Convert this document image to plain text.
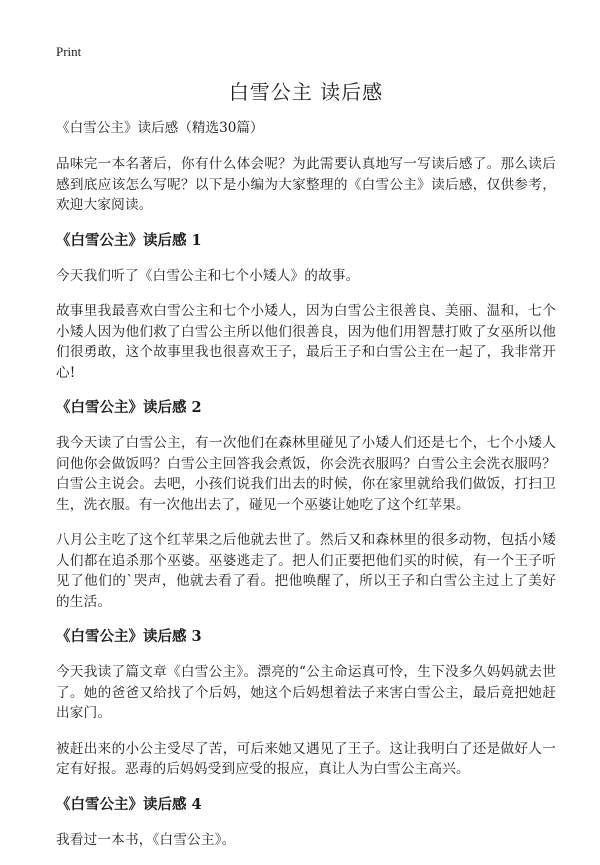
Print
白雪公主 读后感
《白雪公主》读后感（精选30篇）

品味完一本名著后，你有什么体会呢？为此需要认真地写一写读后感了。那么读后感到底应该怎么写呢？以下是小编为大家整理的《白雪公主》读后感，仅供参考，欢迎大家阅读。

《白雪公主》读后感 1

今天我们听了《白雪公主和七个小矮人》的故事。

故事里我最喜欢白雪公主和七个小矮人，因为白雪公主很善良、美丽、温和，七个小矮人因为他们救了白雪公主所以他们很善良，因为他们用智慧打败了女巫所以他们很勇敢，这个故事里我也很喜欢王子，最后王子和白雪公主在一起了，我非常开心!

《白雪公主》读后感 2

我今天读了白雪公主，有一次他们在森林里碰见了小矮人们还是七个，七个小矮人问他你会做饭吗？白雪公主回答我会煮饭，你会洗衣服吗？白雪公主会洗衣服吗？白雪公主说会。去吧，小孩们说我们出去的时候，你在家里就给我们做饭，打扫卫生，洗衣服。有一次他出去了，碰见一个巫婆让她吃了这个红苹果。

八月公主吃了这个红苹果之后他就去世了。然后又和森林里的很多动物，包括小矮人们都在追杀那个巫婆。巫婆逃走了。把人们正要把他们买的时候，有一个王子听见了他们的`哭声，他就去看了看。把他唤醒了，所以王子和白雪公主过上了美好的生活。

《白雪公主》读后感 3

今天我读了篇文章《白雪公主》。漂亮的“公主命运真可怜，生下没多久妈妈就去世了。她的爸爸又给找了个后妈，她这个后妈想着法子来害白雪公主，最后竟把她赶出家门。

被赶出来的小公主受尽了苦，可后来她又遇见了王子。这让我明白了还是做好人一定有好报。恶毒的后妈妈受到应受的报应，真让人为白雪公主高兴。

《白雪公主》读后感 4

我看过一本书，《白雪公主》。
